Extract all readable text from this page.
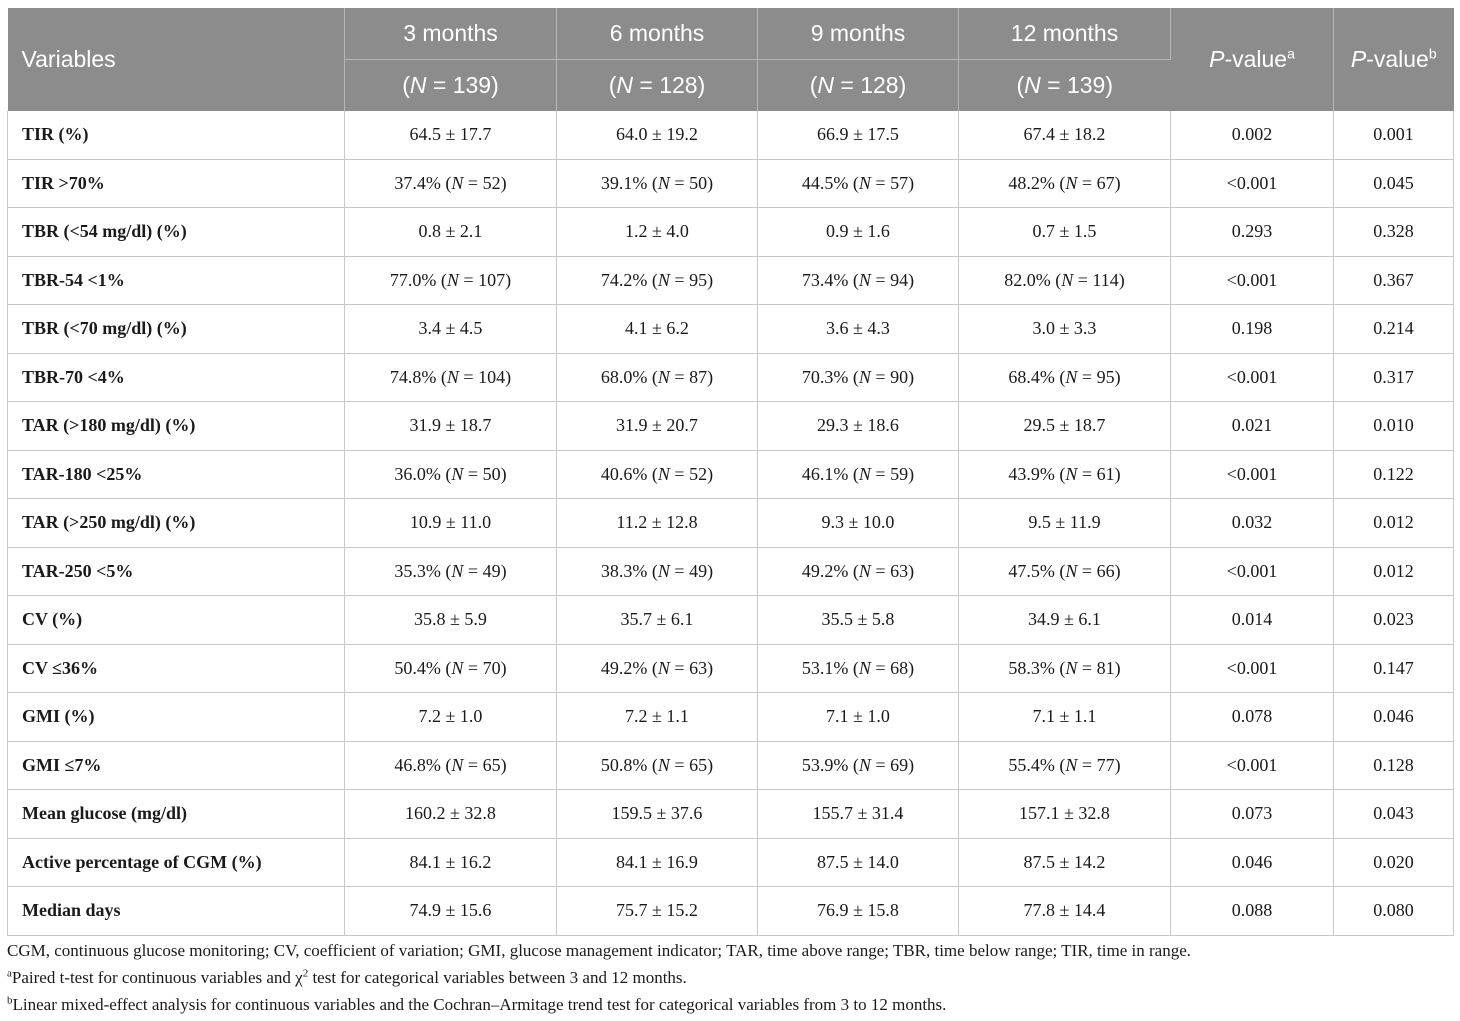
Variables	3 months	6 months	9 months	12 months	P-value$^a$	P-value$^b$
	(N = 139)	(N = 128)	(N = 128)	(N = 139)		
TIR (%)	64.5 ± 17.7	64.0 ± 19.2	66.9 ± 17.5	67.4 ± 18.2	0.002	0.001
TIR >70%	37.4% (N = 52)	39.1% (N = 50)	44.5% (N = 57)	48.2% (N = 67)	<0.001	0.045
TBR (<54 mg/dl) (%)	0.8 ± 2.1	1.2 ± 4.0	0.9 ± 1.6	0.7 ± 1.5	0.293	0.328
TBR-54 <1%	77.0% (N = 107)	74.2% (N = 95)	73.4% (N = 94)	82.0% (N = 114)	<0.001	0.367
TBR (<70 mg/dl) (%)	3.4 ± 4.5	4.1 ± 6.2	3.6 ± 4.3	3.0 ± 3.3	0.198	0.214
TBR-70 <4%	74.8% (N = 104)	68.0% (N = 87)	70.3% (N = 90)	68.4% (N = 95)	<0.001	0.317
TAR (>180 mg/dl) (%)	31.9 ± 18.7	31.9 ± 20.7	29.3 ± 18.6	29.5 ± 18.7	0.021	0.010
TAR-180 <25%	36.0% (N = 50)	40.6% (N = 52)	46.1% (N = 59)	43.9% (N = 61)	<0.001	0.122
TAR (>250 mg/dl) (%)	10.9 ± 11.0	11.2 ± 12.8	9.3 ± 10.0	9.5 ± 11.9	0.032	0.012
TAR-250 <5%	35.3% (N = 49)	38.3% (N = 49)	49.2% (N = 63)	47.5% (N = 66)	<0.001	0.012
CV (%)	35.8 ± 5.9	35.7 ± 6.1	35.5 ± 5.8	34.9 ± 6.1	0.014	0.023
CV ≤36%	50.4% (N = 70)	49.2% (N = 63)	53.1% (N = 68)	58.3% (N = 81)	<0.001	0.147
GMI (%)	7.2 ± 1.0	7.2 ± 1.1	7.1 ± 1.0	7.1 ± 1.1	0.078	0.046
GMI ≤7%	46.8% (N = 65)	50.8% (N = 65)	53.9% (N = 69)	55.4% (N = 77)	<0.001	0.128
Mean glucose (mg/dl)	160.2 ± 32.8	159.5 ± 37.6	155.7 ± 31.4	157.1 ± 32.8	0.073	0.043
Active percentage of CGM (%)	84.1 ± 16.2	84.1 ± 16.9	87.5 ± 14.0	87.5 ± 14.2	0.046	0.020
Median days	74.9 ± 15.6	75.7 ± 15.2	76.9 ± 15.8	77.8 ± 14.4	0.088	0.080

CGM, continuous glucose monitoring; CV, coefficient of variation; GMI, glucose management indicator; TAR, time above range; TBR, time below range; TIR, time in range.

$^a$Paired t-test for continuous variables and $\chi^2$ test for categorical variables between 3 and 12 months.

$^b$Linear mixed-effect analysis for continuous variables and the Cochran–Armitage trend test for categorical variables from 3 to 12 months.
